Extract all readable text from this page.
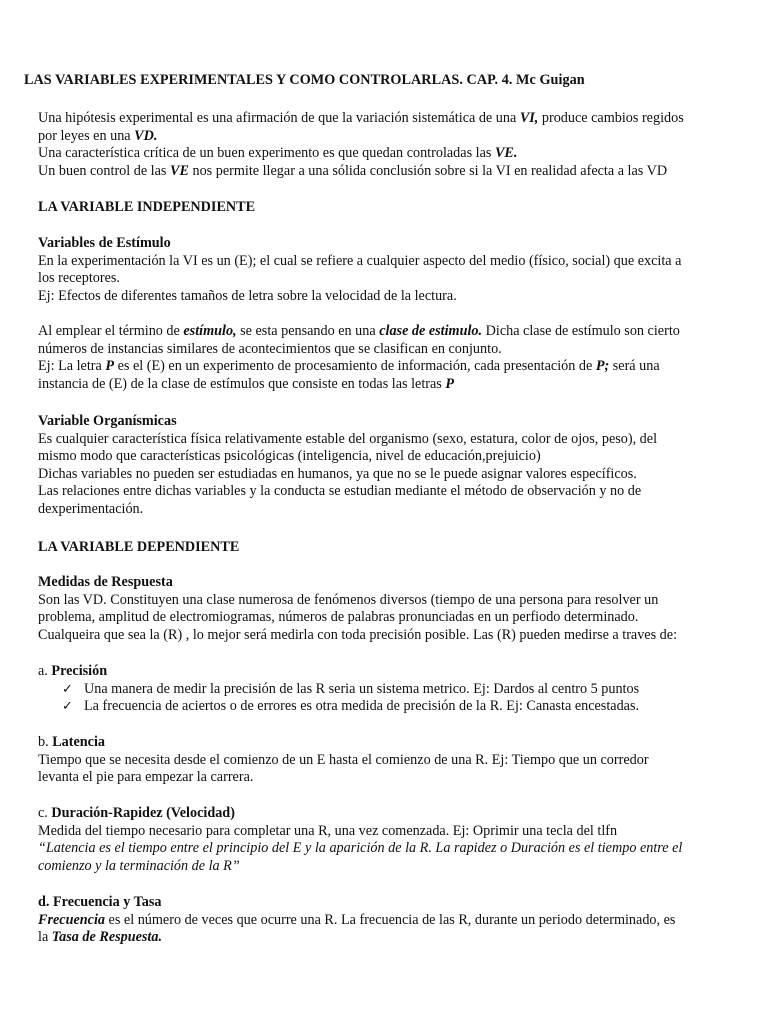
LAS VARIABLES EXPERIMENTALES Y COMO CONTROLARLAS. CAP. 4. Mc Guigan

Una hipótesis experimental es una afirmación de que la variación sistemática de una VI, produce cambios regidos

por leyes en una VD.

Una característica crítica de un buen experimento es que quedan controladas las VE.

Un buen control de las VE nos permite llegar a una sólida conclusión sobre si la VI en realidad afecta a las VD

LA VARIABLE INDEPENDIENTE

Variables de Estímulo

En la experimentación la VI es un (E); el cual se refiere a cualquier aspecto del medio (físico, social) que excita a

los receptores.

Ej: Efectos de diferentes tamaños de letra sobre la velocidad de la lectura.

Al emplear el término de estímulo, se esta pensando en una clase de estimulo. Dicha clase de estímulo son cierto

números de instancias similares de acontecimientos que se clasifican en conjunto.

Ej: La letra P es el (E) en un experimento de procesamiento de información, cada presentación de P; será una

instancia de (E) de la clase de estímulos que consiste en todas las letras P

Variable Organísmicas

Es cualquier característica física relativamente estable del organismo (sexo, estatura, color de ojos, peso), del

mismo modo que características psicológicas (inteligencia, nivel de educación,prejuicio)

Dichas variables no pueden ser estudiadas en humanos, ya que no se le puede asignar valores específicos.

Las relaciones entre dichas variables y la conducta se estudian mediante el método de observación y no de

dexperimentación.

LA VARIABLE DEPENDIENTE

Medidas de Respuesta

Son las VD. Constituyen una clase numerosa de fenómenos diversos (tiempo de una persona para resolver un

problema, amplitud de electromiogramas, números de palabras pronunciadas en un perfiodo determinado.

Cualqueira que sea la (R) , lo mejor será medirla con toda precisión posible. Las (R) pueden medirse a traves de:

a. Precisión

✓ Una manera de medir la precisión de las R seria un sistema metrico. Ej: Dardos al centro 5 puntos
✓ La frecuencia de aciertos o de errores es otra medida de precisión de la R. Ej: Canasta encestadas.

b. Latencia

Tiempo que se necesita desde el comienzo de un E hasta el comienzo de una R. Ej: Tiempo que un corredor

levanta el pie para empezar la carrera.

c. Duración-Rapidez (Velocidad)

Medida del tiempo necesario para completar una R, una vez comenzada. Ej: Oprimir una tecla del tlfn

“Latencia es el tiempo entre el principio del E y la aparición de la R. La rapidez o Duración es el tiempo entre el

comienzo y la terminación de la R”

d. Frecuencia y Tasa

Frecuencia es el número de veces que ocurre una R. La frecuencia de las R, durante un periodo determinado, es

la Tasa de Respuesta.
